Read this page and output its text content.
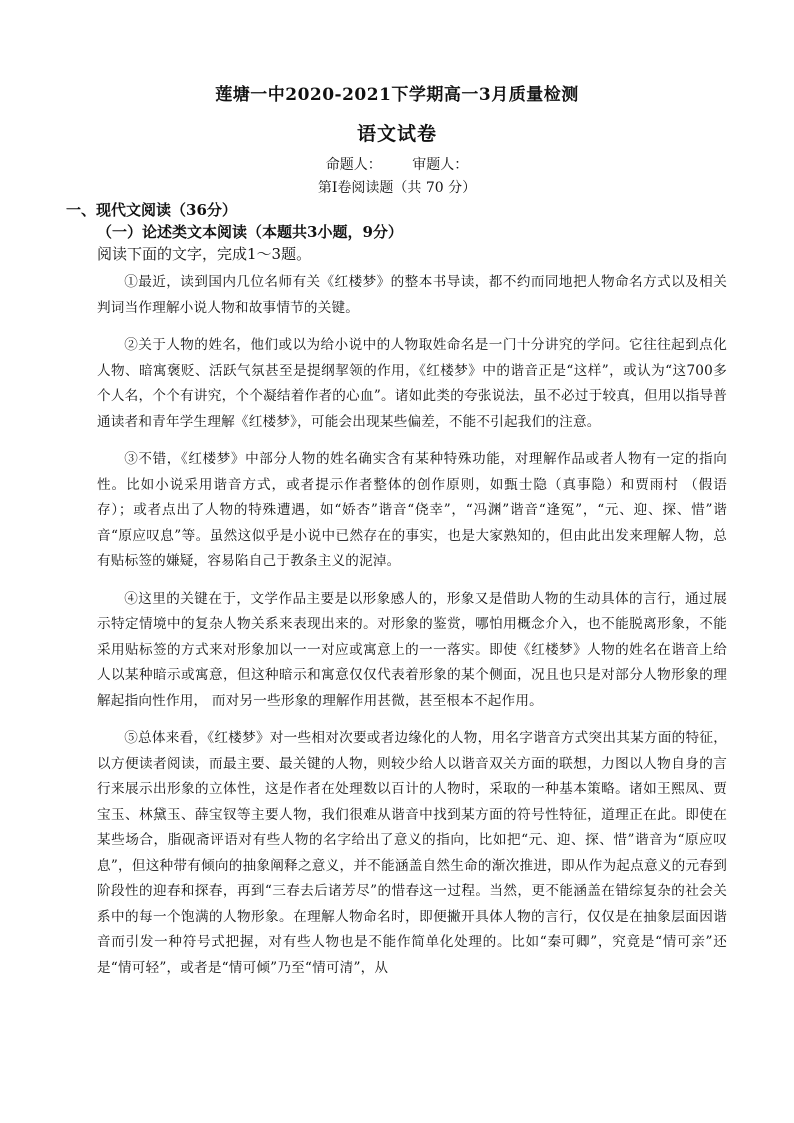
莲塘一中2020-2021下学期高一3月质量检测
语文试卷
命题人： 审题人：
第Ⅰ卷阅读题（共 70 分）
一、现代文阅读（36分）
（一）论述类文本阅读（本题共3小题，9分）
阅读下面的文字，完成1～3题。

①最近，读到国内几位名师有关《红楼梦》的整本书导读，都不约而同地把人物命名方式以及相关判词当作理解小说人物和故事情节的关键。

②关于人物的姓名，他们或以为给小说中的人物取姓命名是一门十分讲究的学问。它往往起到点化人物、暗寓褒贬、活跃气氛甚至是提纲挈领的作用，《红楼梦》中的谐音正是“这样”，或认为“这700多个人名，个个有讲究，个个凝结着作者的心血”。诸如此类的夸张说法，虽不必过于较真，但用以指导普通读者和青年学生理解《红楼梦》，可能会出现某些偏差，不能不引起我们的注意。

③不错，《红楼梦》中部分人物的姓名确实含有某种特殊功能，对理解作品或者人物有一定的指向性。比如小说采用谐音方式，或者提示作者整体的创作原则，如甄士隐（真事隐）和贾雨村 （假语存）；或者点出了人物的特殊遭遇，如“娇杏”谐音“侥幸”，“冯渊”谐音“逢冤”，“元、迎、探、惜”谐音“原应叹息”等。虽然这似乎是小说中已然存在的事实，也是大家熟知的，但由此出发来理解人物，总有贴标签的嫌疑，容易陷自己于教条主义的泥淖。

④这里的关键在于，文学作品主要是以形象感人的，形象又是借助人物的生动具体的言行，通过展示特定情境中的复杂人物关系来表现出来的。对形象的鉴赏，哪怕用概念介入，也不能脱离形象，不能采用贴标签的方式来对形象加以一一对应或寓意上的一一落实。即使《红楼梦》人物的姓名在谐音上给人以某种暗示或寓意，但这种暗示和寓意仅仅代表着形象的某个侧面，况且也只是对部分人物形象的理解起指向性作用， 而对另一些形象的理解作用甚微，甚至根本不起作用。

⑤总体来看，《红楼梦》对一些相对次要或者边缘化的人物，用名字谐音方式突出其某方面的特征，以方便读者阅读，而最主要、最关键的人物，则较少给人以谐音双关方面的联想，力图以人物自身的言行来展示出形象的立体性，这是作者在处理数以百计的人物时，采取的一种基本策略。诸如王熙凤、贾宝玉、林黛玉、薛宝钗等主要人物，我们很难从谐音中找到某方面的符号性特征，道理正在此。即使在某些场合，脂砚斋评语对有些人物的名字给出了意义的指向，比如把“元、迎、探、惜”谐音为“原应叹息”，但这种带有倾向的抽象阐释之意义，并不能涵盖自然生命的渐次推进，即从作为起点意义的元春到阶段性的迎春和探春，再到“三春去后诸芳尽”的惜春这一过程。当然，更不能涵盖在错综复杂的社会关系中的每一个饱满的人物形象。在理解人物命名时，即便撇开具体人物的言行，仅仅是在抽象层面因谐音而引发一种符号式把握，对有些人物也是不能作简单化处理的。比如“秦可卿”，究竟是“情可亲”还是“情可轻”，或者是“情可倾”乃至“情可清”，从
